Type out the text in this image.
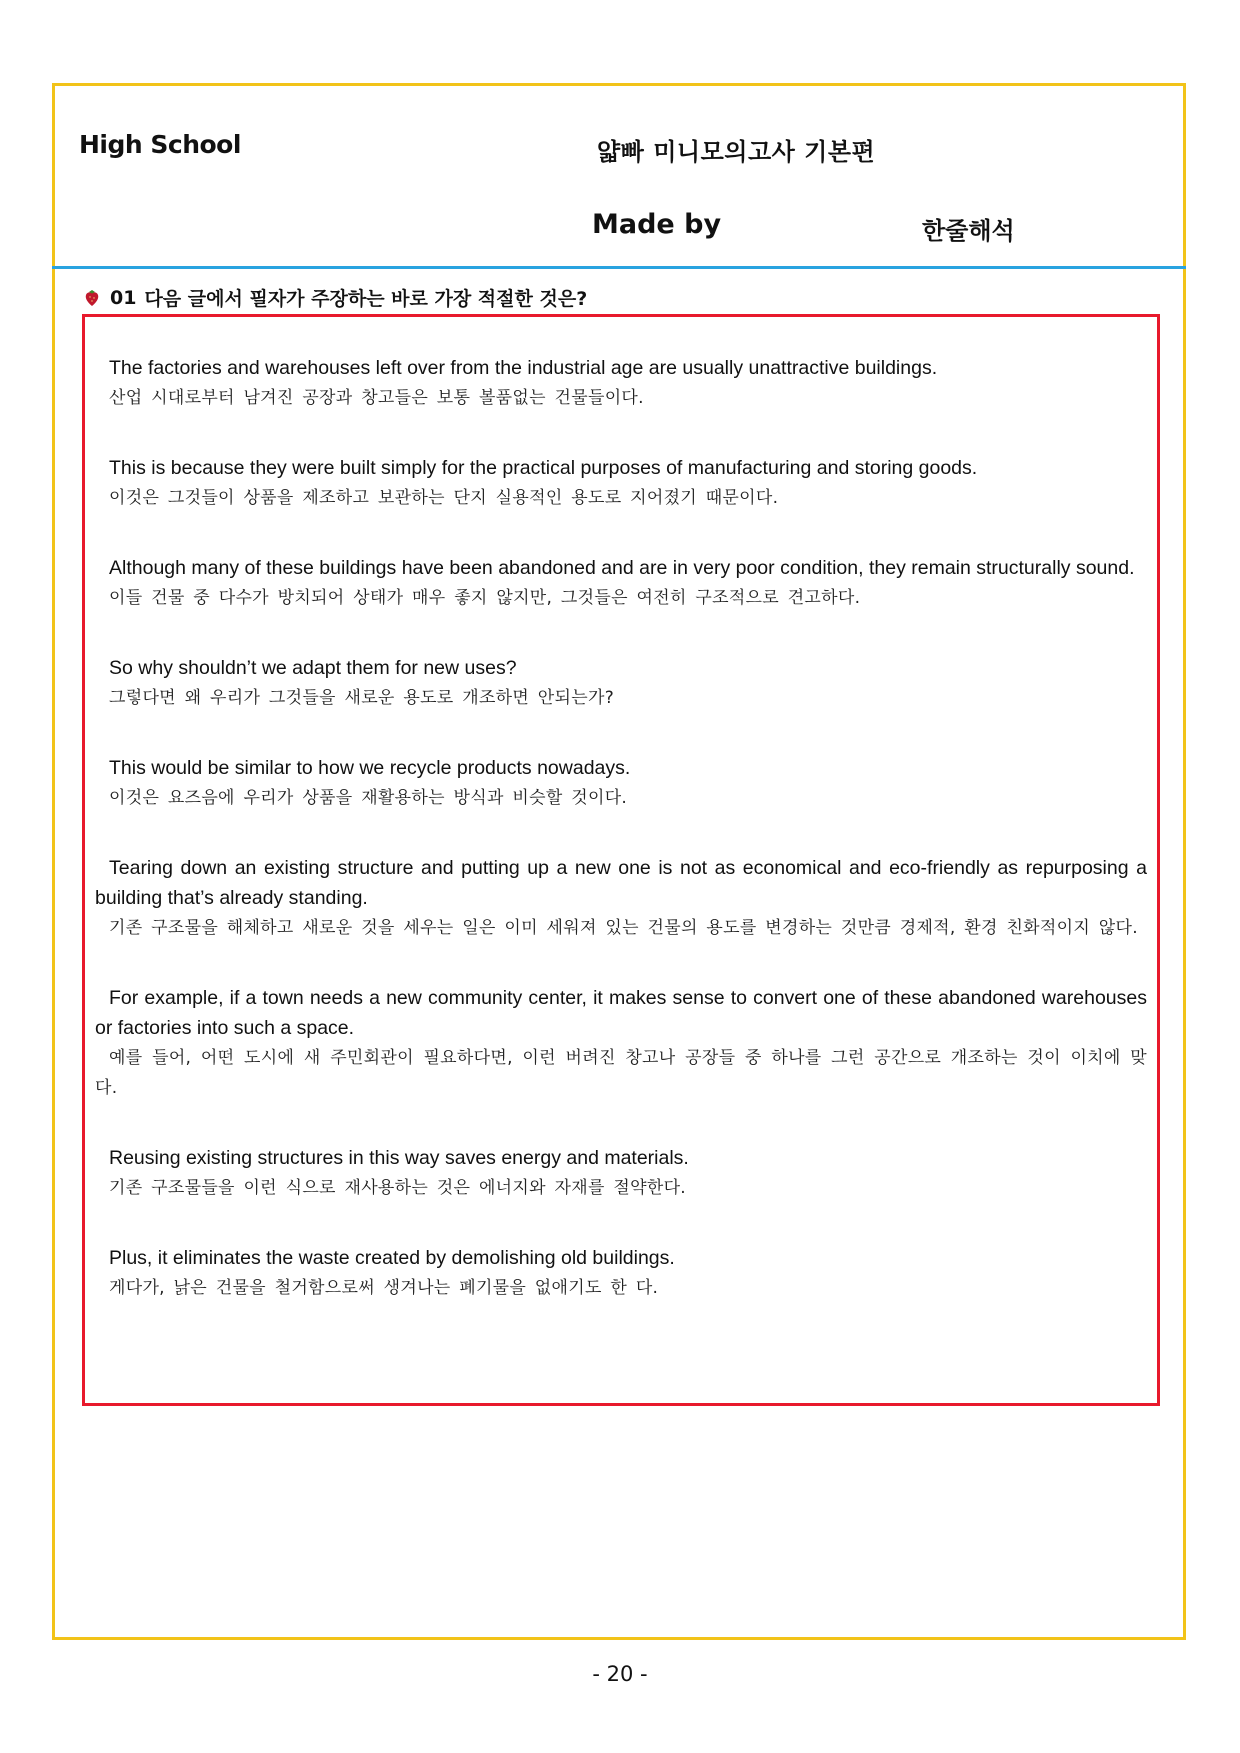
High School	얇빠 미니모의고사 기본편
Made by	한줄해석
01 다음 글에서 필자가 주장하는 바로 가장 적절한 것은?
The factories and warehouses left over from the industrial age are usually unattractive buildings.
산업 시대로부터 남겨진 공장과 창고들은 보통 볼품없는 건물들이다.
This is because they were built simply for the practical purposes of manufacturing and storing goods.
이것은 그것들이 상품을 제조하고 보관하는 단지 실용적인 용도로 지어졌기 때문이다.
Although many of these buildings have been abandoned and are in very poor condition, they remain structurally sound.
이들 건물 중 다수가 방치되어 상태가 매우 좋지 않지만, 그것들은 여전히 구조적으로 견고하다.
So why shouldn’t we adapt them for new uses?
그렇다면 왜 우리가 그것들을 새로운 용도로 개조하면 안되는가?
This would be similar to how we recycle products nowadays.
이것은 요즈음에 우리가 상품을 재활용하는 방식과 비슷할 것이다.
Tearing down an existing structure and putting up a new one is not as economical and eco-friendly as repurposing a building that’s already standing.
기존 구조물을 해체하고 새로운 것을 세우는 일은 이미 세워져 있는 건물의 용도를 변경하는 것만큼 경제적, 환경 친화적이지 않다.
For example, if a town needs a new community center, it makes sense to convert one of these abandoned warehouses or factories into such a space.
예를 들어, 어떤 도시에 새 주민회관이 필요하다면, 이런 버려진 창고나 공장들 중 하나를 그런 공간으로 개조하는 것이 이치에 맞다.
Reusing existing structures in this way saves energy and materials.
기존 구조물들을 이런 식으로 재사용하는 것은 에너지와 자재를 절약한다.
Plus, it eliminates the waste created by demolishing old buildings.
게다가, 낡은 건물을 철거함으로써 생겨나는 폐기물을 없애기도 한 다.
- 20 -
